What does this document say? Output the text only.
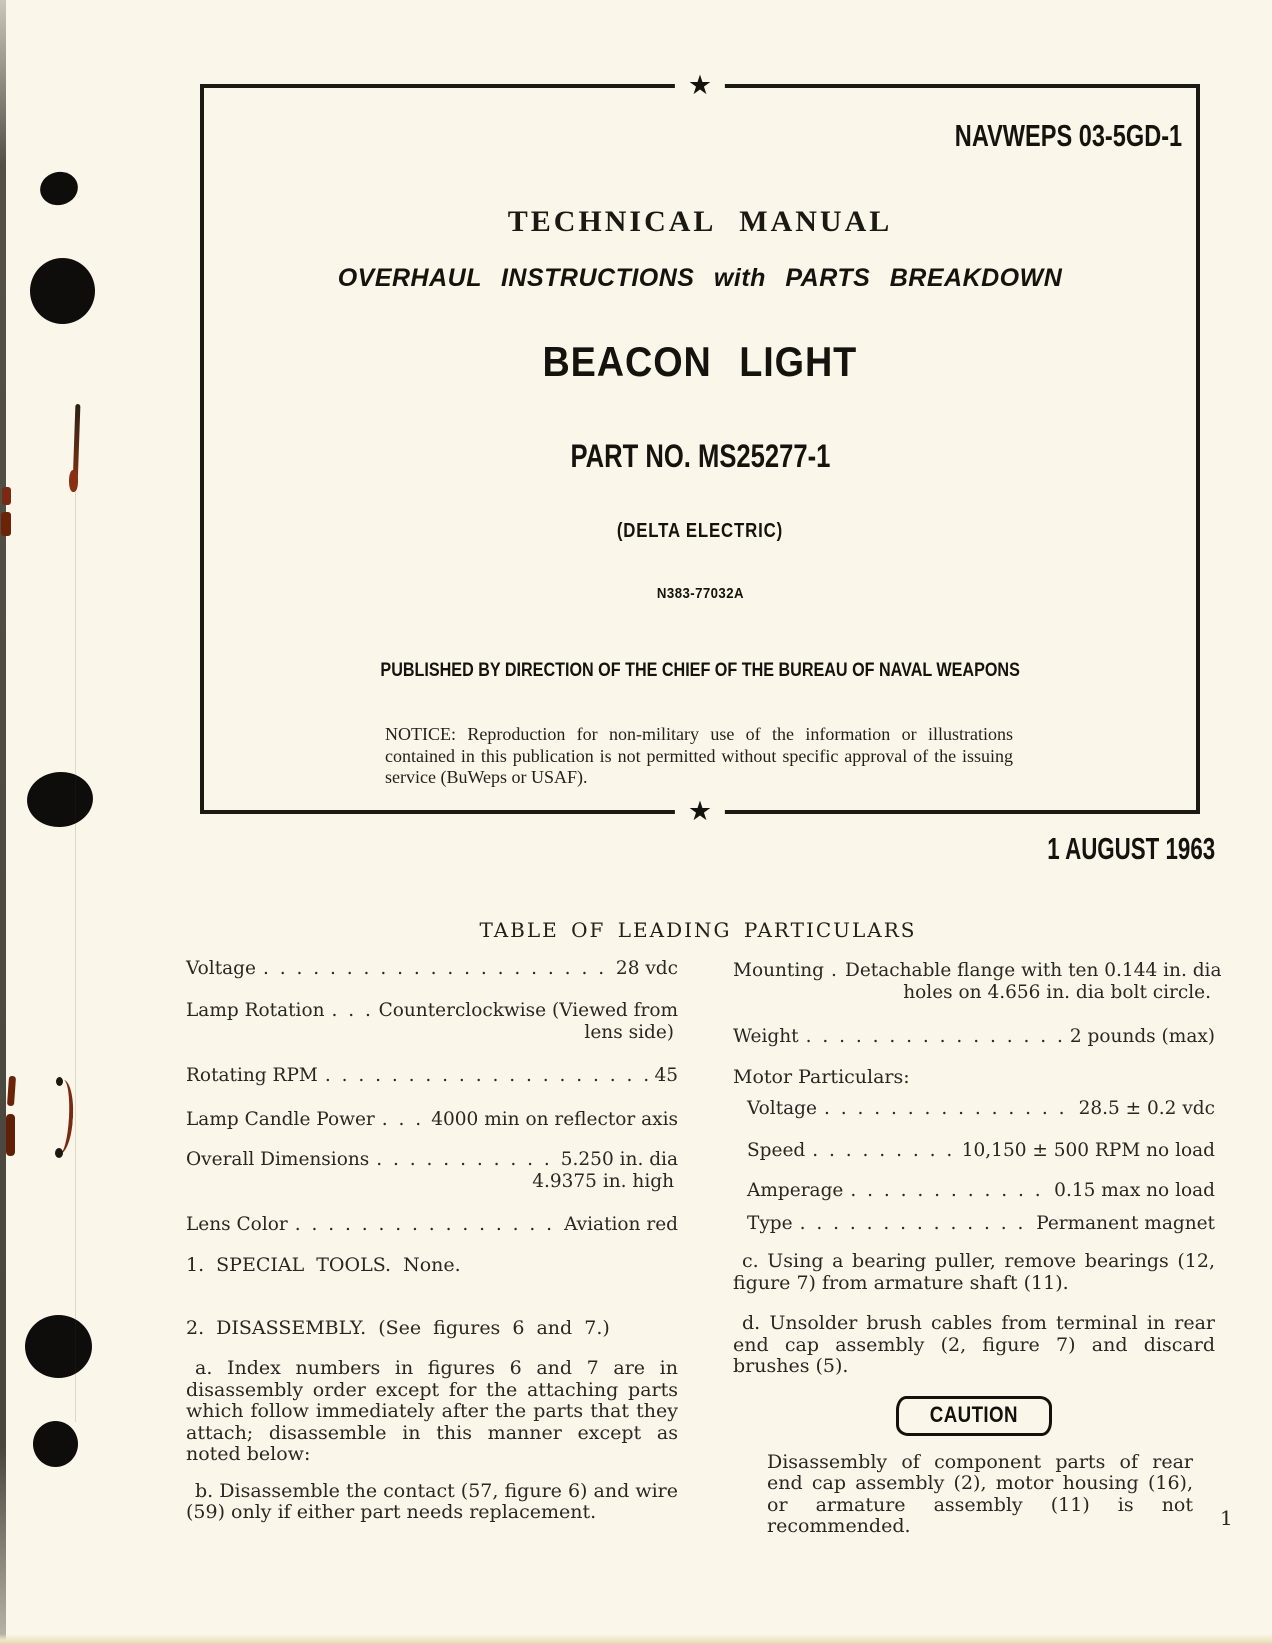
★
★
NAVWEPS 03-5GD-1
TECHNICAL MANUAL
OVERHAUL INSTRUCTIONS with PARTS BREAKDOWN
BEACON LIGHT
PART NO. MS25277-1
(DELTA ELECTRIC)
N383-77032A
PUBLISHED BY DIRECTION OF THE CHIEF OF THE BUREAU OF NAVAL WEAPONS
NOTICE: Reproduction for non-military use of the information or illustrations contained in this publication is not permitted without specific approval of the issuing service (BuWeps or USAF).
1 AUGUST 1963
TABLE OF LEADING PARTICULARS
Voltage . . .	28 vdc
Lamp Rotation . . .	Counterclockwise (Viewed from
lens side)
Rotating RPM . . .	45
Lamp Candle Power . . .	4000 min on reflector axis
Overall Dimensions . . .	5.250 in. dia
4.9375 in. high
Lens Color . . .	Aviation red
1. SPECIAL TOOLS. None.
2. DISASSEMBLY. (See figures 6 and 7.)
a. Index numbers in figures 6 and 7 are in disassembly order except for the attaching parts which follow immediately after the parts that they attach; disassemble in this manner except as noted below:
b. Disassemble the contact (57, figure 6) and wire (59) only if either part needs replacement.
Mounting . . . Detachable flange with ten 0.144 in. dia
holes on 4.656 in. dia bolt circle.
Weight . . .	2 pounds (max)
Motor Particulars:
Voltage . . .	28.5 ± 0.2 vdc
Speed . . .	10,150 ± 500 RPM no load
Amperage . . .	0.15 max no load
Type . . .	Permanent magnet
c. Using a bearing puller, remove bearings (12, figure 7) from armature shaft (11).
d. Unsolder brush cables from terminal in rear end cap assembly (2, figure 7) and discard brushes (5).
CAUTION
Disassembly of component parts of rear end cap assembly (2), motor housing (16), or armature assembly (11) is not recommended.	1
